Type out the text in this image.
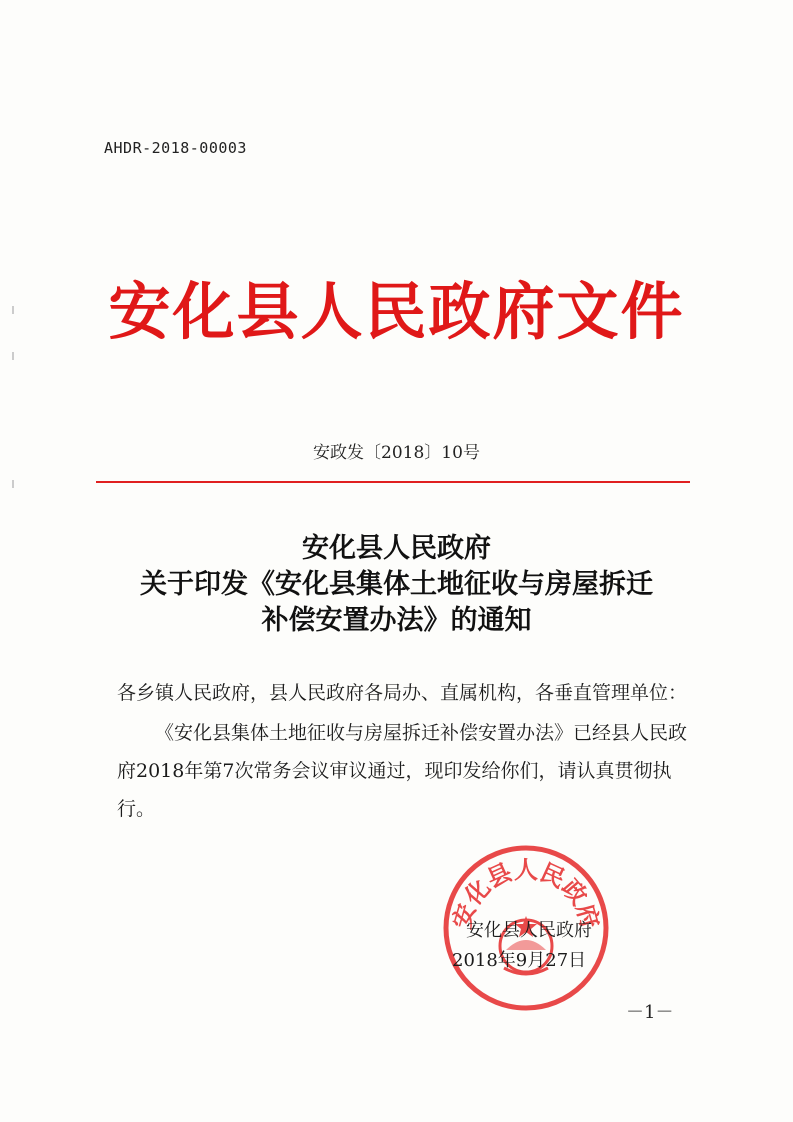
AHDR-2018-00003
安化县人民政府文件
安政发〔2018〕10号
安化县人民政府
关于印发《安化县集体土地征收与房屋拆迁
补偿安置办法》的通知

各乡镇人民政府，县人民政府各局办、直属机构，各垂直管理单位：

《安化县集体土地征收与房屋拆迁补偿安置办法》已经县人民政府2018年第7次常务会议审议通过，现印发给你们，请认真贯彻执行。

安化县人民政府
安化县人民政府
2018年9月27日
－1－
